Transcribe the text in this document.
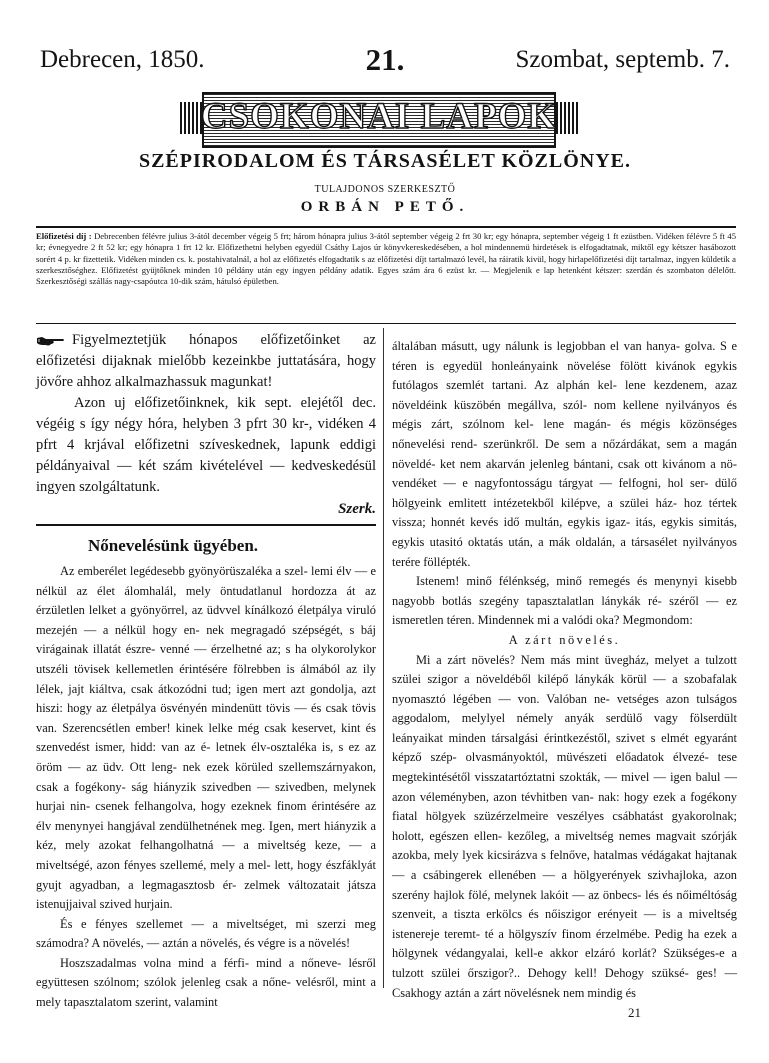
Debrecen, 1850.	21.	Szombat, septemb. 7.
CSOKONAI LAPOK
SZÉPIRODALOM ÉS TÁRSASÉLET KÖZLÖNYE.
TULAJDONOS SZERKESZTŐ
ORBÁN PETŐ.
Előfizetési díj : Debrecenben félévre julius 3-ától december végeig 5 frt; három hónapra julius 3-ától september végeig 2 frt 30 kr; egy hónapra, september végeig 1 ft ezüstben. Vidéken félévre 5 ft 45 kr; évnegyedre 2 ft 52 kr; egy hónapra 1 frt 12 kr. Előfizethetni helyben egyedül Csáthy Lajos úr könyvkereskedésében, a hol mindennemü hirdetések is elfogadtatnak, miktől egy kétszer hasábozott sorért 4 p. kr fizettetik. Vidéken minden cs. k. postahivatalnál, a hol az előfizetés elfogadtatik s az előfizetési díjt tartalmazó levél, ha ráiratik kivül, hogy hirlapelőfizetési díjt tartalmaz, ingyen küldetik a szerkesztőséghez. Előfizetést gyüjtőknek minden 10 példány után egy ingyen példány adatik. Egyes szám ára 6 ezüst kr. — Megjelenik e lap hetenként kétszer: szerdán és szombaton délelőtt. Szerkesztőségi szállás nagy-csapóutca 10-dik szám, hátulsó épületben.

Figyelmeztetjük hónapos előfizetőinket az előfizetési dijaknak mielőbb kezeinkbe juttatására, hogy jövőre ahhoz alkalmazhassuk magunkat!

Azon uj előfizetőinknek, kik sept. elejétől dec. végéig s így négy hóra, helyben 3 pfrt 30 kr-, vidéken 4 pfrt 4 krjával előfizetni szíveskednek, lapunk eddigi példányaival — két szám kivételével — kedveskedésül ingyen szolgáltatunk.

Szerk.
Nőnevelésünk ügyében.

Az emberélet legédesebb gyönyörüszaléka a szel- lemi élv — e nélkül az élet álomhalál, mely öntudatlanul hordozza át az érzületlen lelket a gyönyörrel, az üdvvel kínálkozó életpálya viruló mezején — a nélkül hogy en- nek megragadó szépségét, s báj virágainak illatát észre- venné — érzelhetné az; s ha olykorolykor utszéli tövisek kellemetlen érintésére fölrebben is álmából az ily lélek, jajt kiáltva, csak átkozódni tud; igen mert azt gondolja, azt hiszi: hogy az életpálya ösvényén mindenütt tövis — és csak tövis van. Szerencsétlen ember! kinek lelke még csak keservet, kint és szenvedést ismer, hidd: van az é- letnek élv-osztaléka is, s ez az öröm — az üdv. Ott leng- nek ezek körüled szellemszárnyakon, csak a fogékony- ság hiányzik szivedben — szivedben, melynek hurjai nin- csenek felhangolva, hogy ezeknek finom érintésére az élv menynyei hangjával zendülhetnének meg. Igen, mert hiányzik a kéz, mely azokat felhangolhatná — a miveltség keze, — a miveltségé, azon fényes szellemé, mely a mel- lett, hogy észfáklyát gyujt agyadban, a legmagasztosb ér- zelmek változatait játsza istenujjaival szived hurjain.

És e fényes szellemet — a miveltséget, mi szerzi meg számodra? A növelés, — aztán a növelés, és végre is a növelés!

Hoszszadalmas volna mind a férfi- mind a nőneve- lésről együttesen szólnom; szólok jelenleg csak a nőne- velésről, mint a mely tapasztalatom szerint, valamint

általában másutt, ugy nálunk is legjobban el van hanya- golva. S e téren is egyedül honleányaink növelése fölött kivánok egykis futólagos szemlét tartani. Az alphán kel- lene kezdenem, azaz növeldéink küszöbén megállva, szól- nom kellene nyilványos és mégis zárt, szólnom kel- lene magán- és mégis közönséges nőnevelési rend- szerünkről. De sem a nőzárdákat, sem a magán növeldé- ket nem akarván jelenleg bántani, csak ott kivánom a nö- vendéket — e nagyfontosságu tárgyat — felfogni, hol ser- dülő hölgyeink emlitett intézetekből kilépve, a szülei ház- hoz tértek vissza; honnét kevés idő multán, egykis igaz- itás, egykis simitás, egykis utasitó oktatás után, a mák oldalán, a társasélet nyilványos terére föllépték.

Istenem! minő félénkség, minő remegés és menynyi kisebb nagyobb botlás szegény tapasztalatlan lánykák ré- széről — ez ismeretlen téren. Mindennek mi a valódi oka? Megmondom:

A zárt növelés.

Mi a zárt növelés? Nem más mint üvegház, melyet a tulzott szülei szigor a növeldéből kilépő lánykák körül — a szobafalak nyomasztó légében — von. Valóban ne- vetséges azon tulságos aggodalom, melylyel némely anyák serdülő vagy fölserdült leányaikat minden társalgási érintkezéstől, szivet s elmét egyaránt képző szép- olvasmányoktól, müvészeti előadatok élvezé- tese megtekintésétől visszatartóztatni szokták, — mivel — igen balul — azon véleményben, azon tévhitben van- nak: hogy ezek a fogékony fiatal hölgyek szüzérzelmeire veszélyes csábhatást gyakorolnak; holott, egészen ellen- kezőleg, a miveltség nemes magvait szórják azokba, mely lyek kicsirázva s felnőve, hatalmas védágakat hajtanak — a csábingerek ellenében — a hölgyerények szivhajloka, azon szerény hajlok fölé, melynek lakóit — az önbecs- lés és nőiméltóság szenveit, a tiszta erkölcs és nőiszigor erényeit — is a miveltség istenereje teremt- té a hölgyszív finom érzelmébe. Pedig ha ezek a hölgynek védangyalai, kell-e akkor elzáró korlát? Szükséges-e a tulzott szülei őrszigor?.. Dehogy kell! Dehogy szüksé- ges! — Csakhogy aztán a zárt növelésnek nem mindig és

21
